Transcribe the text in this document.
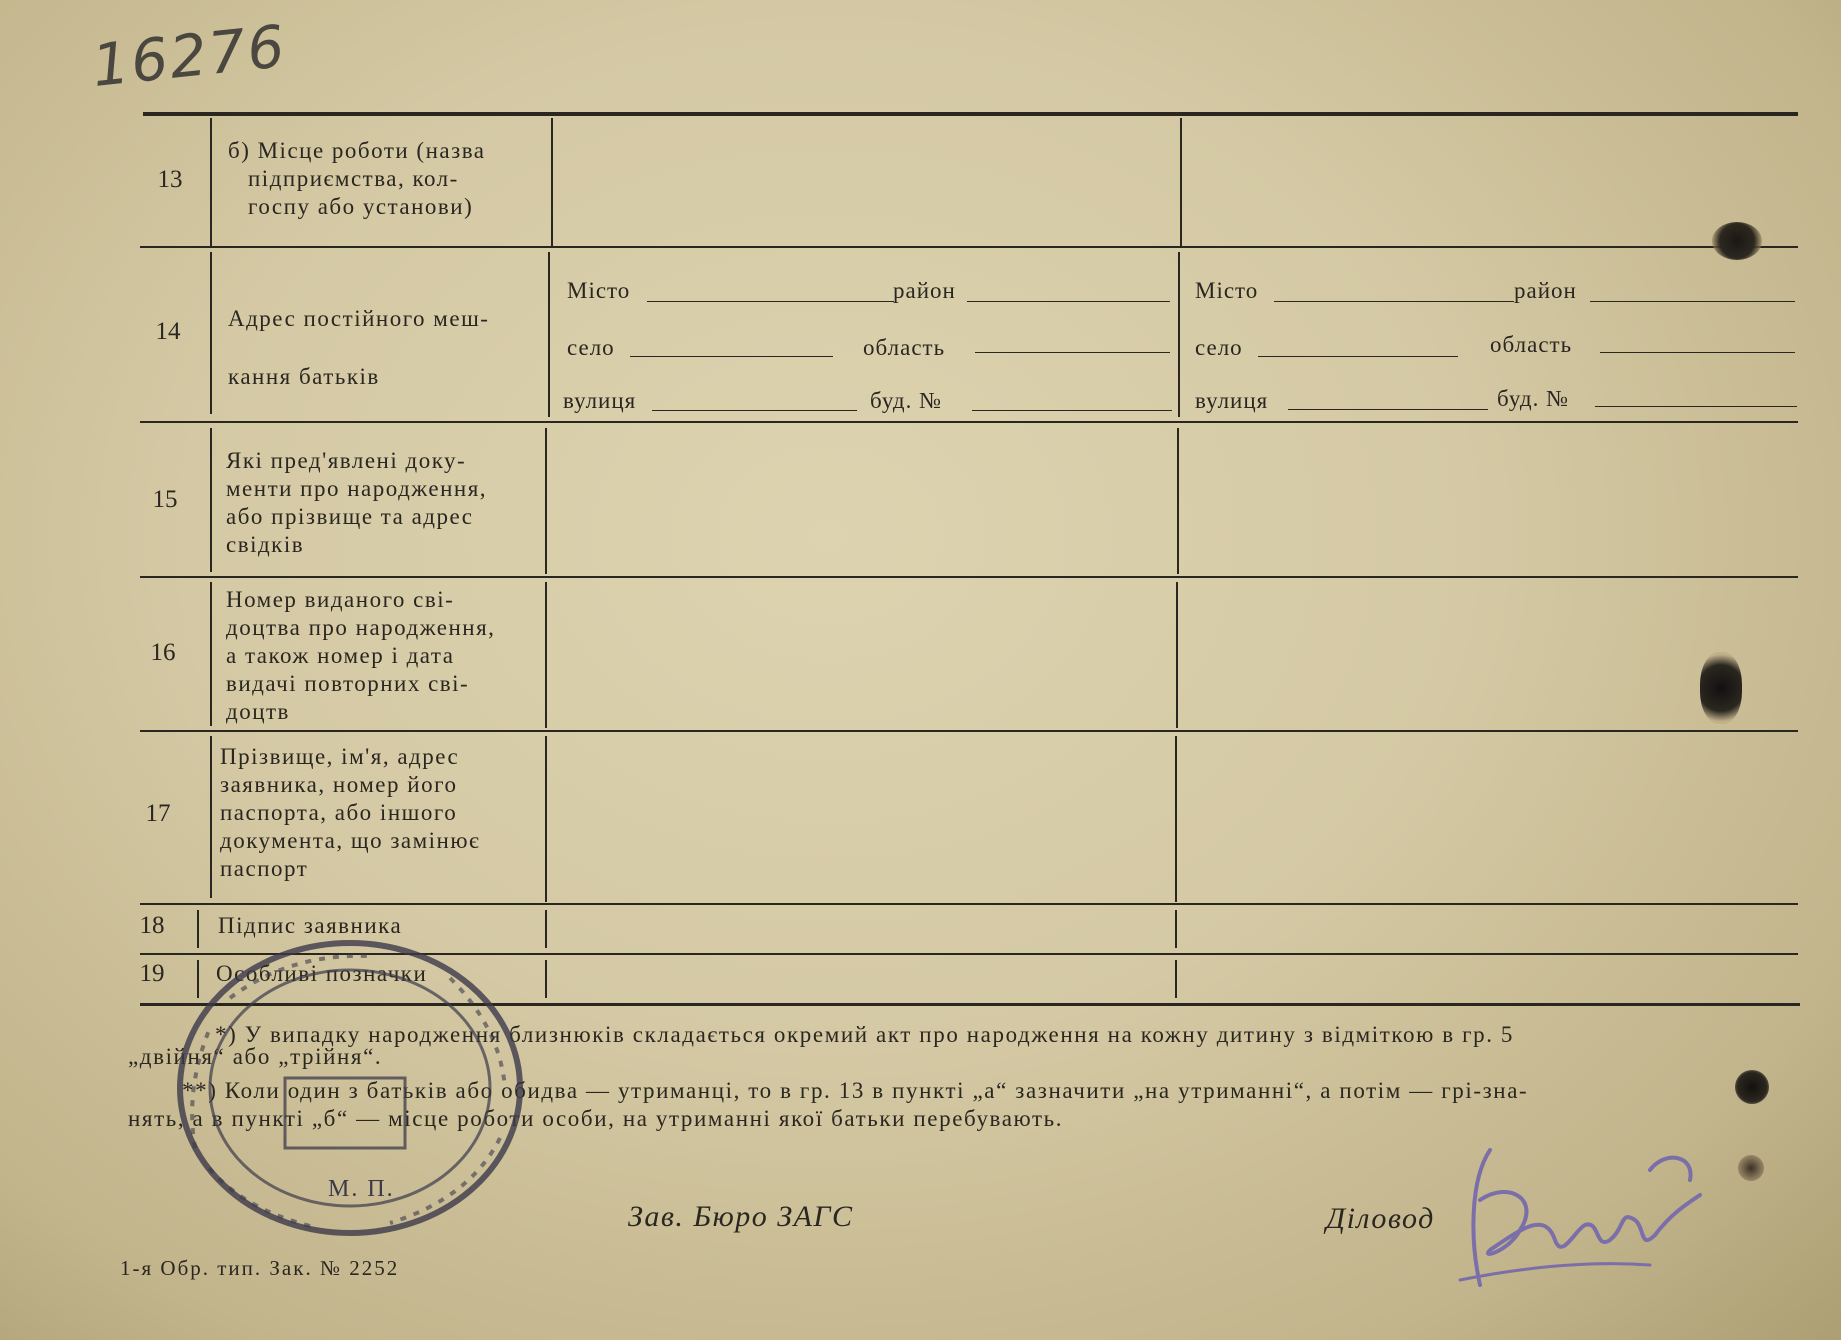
16276
13
б) Місце роботи (назва
підприємства, кол-
госпу або установи)
14	Адрес постійного меш-
кання батьків
Місто	район
село	область
вулиця	буд. №
Місто	район
село	область
вулиця	буд. №
15
Які пред'явлені доку-
менти про народження,
або прізвище та адрес
свідків
16
Номер виданого сві-
доцтва про народження,
а також номер і дата
видачі повторних сві-
доцтв
17
Прізвище, ім'я, адрес
заявника, номер його
паспорта, або іншого
документа, що замінює
паспорт
18	Підпис заявника
19	Особливі позначки
*) У випадку народження близнюків складається окремий акт про народження на кожну дитину з відміткою в гр. 5
„двійня“ або „трійня“.
**) Коли один з батьків або обидва — утриманці, то в гр. 13 в пункті „а“ зазначити „на утриманні“, а потім — грі-зна-
нять, а в пункті „б“ — місце роботи особи, на утриманні якої батьки перебувають.
Зав. Бюро ЗАГС	Діловод
М. П.
1-я Обр. тип. Зак. № 2252
